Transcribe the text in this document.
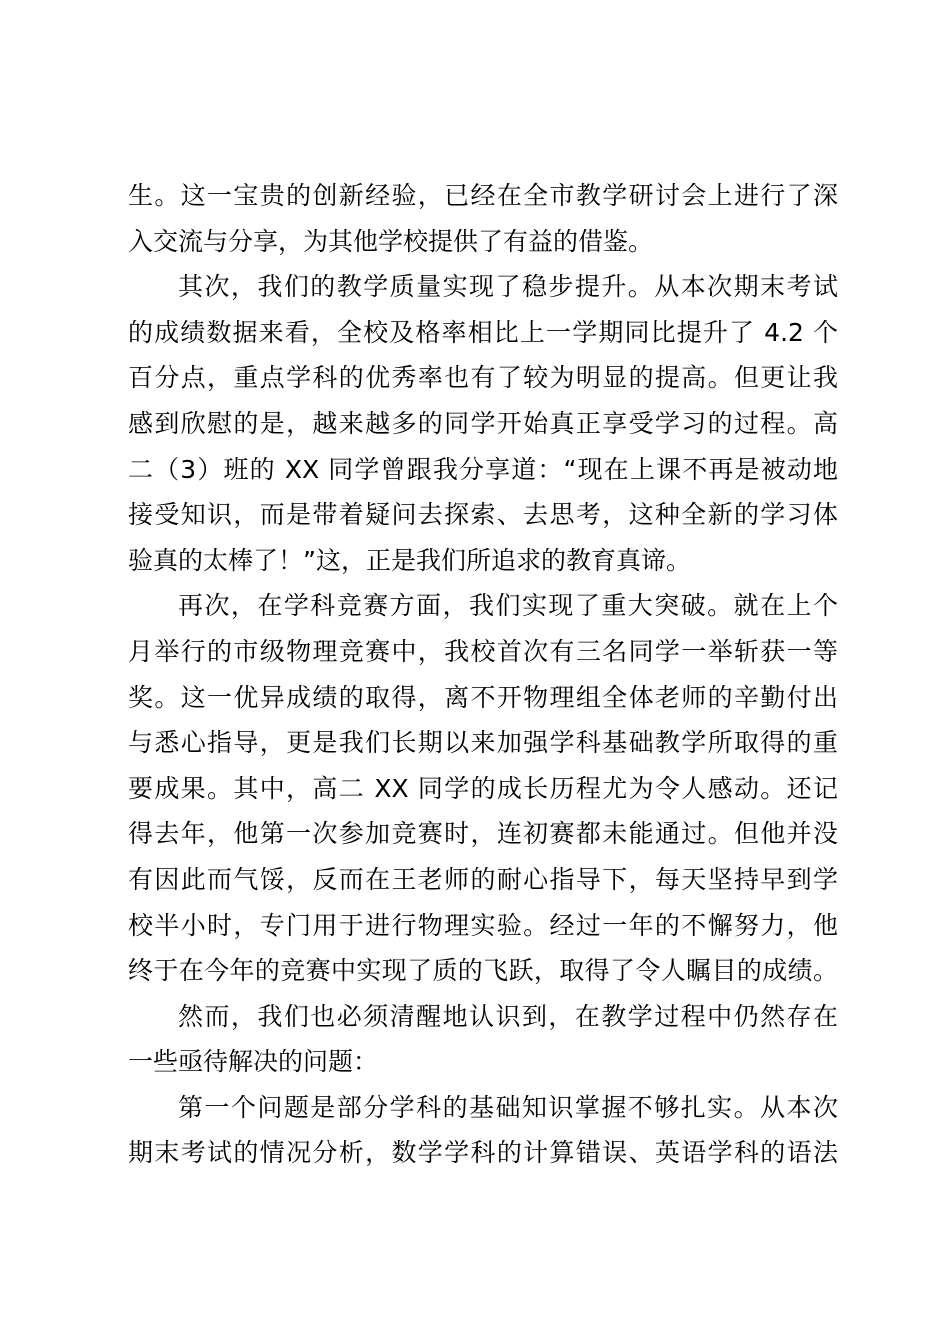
生。这一宝贵的创新经验，已经在全市教学研讨会上进行了深
入交流与分享，为其他学校提供了有益的借鉴。
其次，我们的教学质量实现了稳步提升。从本次期末考试
的成绩数据来看，全校及格率相比上一学期同比提升了 4.2 个
百分点，重点学科的优秀率也有了较为明显的提高。但更让我
感到欣慰的是，越来越多的同学开始真正享受学习的过程。高
二（3）班的 XX 同学曾跟我分享道：“现在上课不再是被动地
接受知识，而是带着疑问去探索、去思考，这种全新的学习体
验真的太棒了！”这，正是我们所追求的教育真谛。
再次，在学科竞赛方面，我们实现了重大突破。就在上个
月举行的市级物理竞赛中，我校首次有三名同学一举斩获一等
奖。这一优异成绩的取得，离不开物理组全体老师的辛勤付出
与悉心指导，更是我们长期以来加强学科基础教学所取得的重
要成果。其中，高二 XX 同学的成长历程尤为令人感动。还记
得去年，他第一次参加竞赛时，连初赛都未能通过。但他并没
有因此而气馁，反而在王老师的耐心指导下，每天坚持早到学
校半小时，专门用于进行物理实验。经过一年的不懈努力，他
终于在今年的竞赛中实现了质的飞跃，取得了令人瞩目的成绩。
然而，我们也必须清醒地认识到，在教学过程中仍然存在
一些亟待解决的问题：
第一个问题是部分学科的基础知识掌握不够扎实。从本次
期末考试的情况分析，数学学科的计算错误、英语学科的语法
